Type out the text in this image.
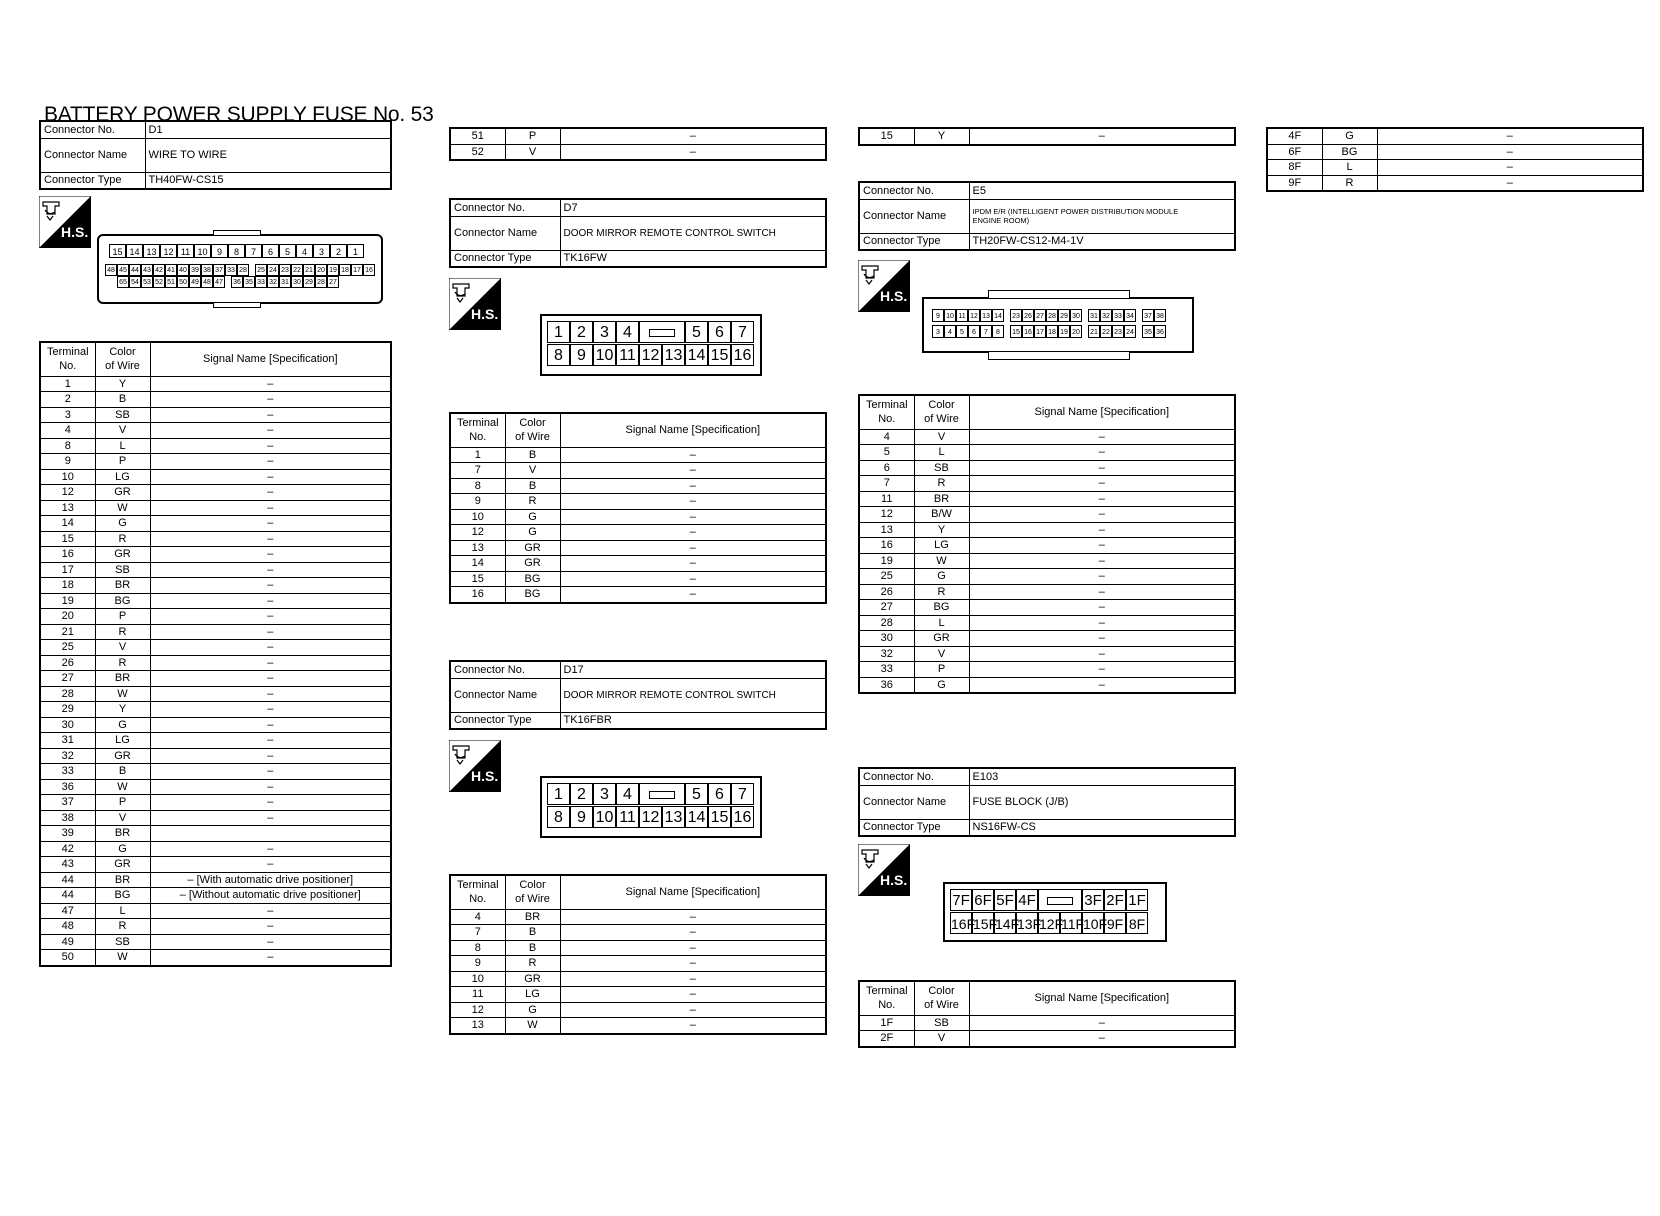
BATTERY POWER SUPPLY FUSE No. 53
Connector No.	D1
Connector Name	WIRE TO WIRE
Connector Type	TH40FW-CS15
H.S.
15 14 13 12 11 10	9	8	7	6	5	4	3	2	1
48 45 44 43 42 41 40 39 38 37 33 28	25 24 23 22 21 20 19 18 17 16
65 54 53 52 51 50 49 48 47	36 35 33 32 31 30 29 28 27
Terminal
No.	Color
of Wire	Signal Name [Specification]
1	Y	–
2	B	–
3	SB	–
4	V	–
8	L	–
9	P	–
10	LG	–
12	GR	–
13	W	–
14	G	–
15	R	–
16	GR	–
17	SB	–
18	BR	–
19	BG	–
20	P	–
21	R	–
25	V	–
26	R	–
27	BR	–
28	W	–
29	Y	–
30	G	–
31	LG	–
32	GR	–
33	B	–
36	W	–
37	P	–
38	V	–
39	BR	
42	G	–
43	GR	–
44	BR	– [With automatic drive positioner]
44	BG	– [Without automatic drive positioner]
47	L	–
48	R	–
49	SB	–
50	W	–
51	P	–
52	V	–
Connector No.	D7
Connector Name	DOOR MIRROR REMOTE CONTROL SWITCH
Connector Type	TK16FW
H.S.
1 2 3 4	5 6 7
8 9 10 11 12 13 14 15 16
Terminal
No.	Color
of Wire	Signal Name [Specification]
1	B	–
7	V	–
8	B	–
9	R	–
10	G	–
12	G	–
13	GR	–
14	GR	–
15	BG	–
16	BG	–
Connector No.	D17
Connector Name	DOOR MIRROR REMOTE CONTROL SWITCH
Connector Type	TK16FBR
H.S.
1 2 3 4	5 6 7
8 9 10 11 12 13 14 15 16
Terminal
No.	Color
of Wire	Signal Name [Specification]
4	BR	–
7	B	–
8	B	–
9	R	–
10	GR	–
11	LG	–
12	G	–
13	W	–
15	Y	–
Connector No.	E5
Connector Name	IPDM E/R (INTELLIGENT POWER DISTRIBUTION MODULE
ENGINE ROOM)
Connector Type	TH20FW-CS12-M4-1V
H.S.
9 10 11 12 13 14	23 26 27 28 29 30	31 32 33 34	37 38
3	4	5	6	7	8	15 16 17 18 19 20	21 22 23 24	35 36
Terminal
No.	Color
of Wire	Signal Name [Specification]
4	V	–
5	L	–
6	SB	–
7	R	–
11	BR	–
12	B/W	–
13	Y	–
16	LG	–
19	W	–
25	G	–
26	R	–
27	BG	–
28	L	–
30	GR	–
32	V	–
33	P	–
36	G	–
Connector No.	E103
Connector Name	FUSE BLOCK (J/B)
Connector Type	NS16FW-CS
H.S.
7F 6F 5F 4F	3F 2F 1F
16F
15F
14F
13F
12F
11F
10F 9F 8F
Terminal
No.	Color
of Wire	Signal Name [Specification]
1F	SB	–
2F	V	–
4F	G	–
6F	BG	–
8F	L	–
9F	R	–
